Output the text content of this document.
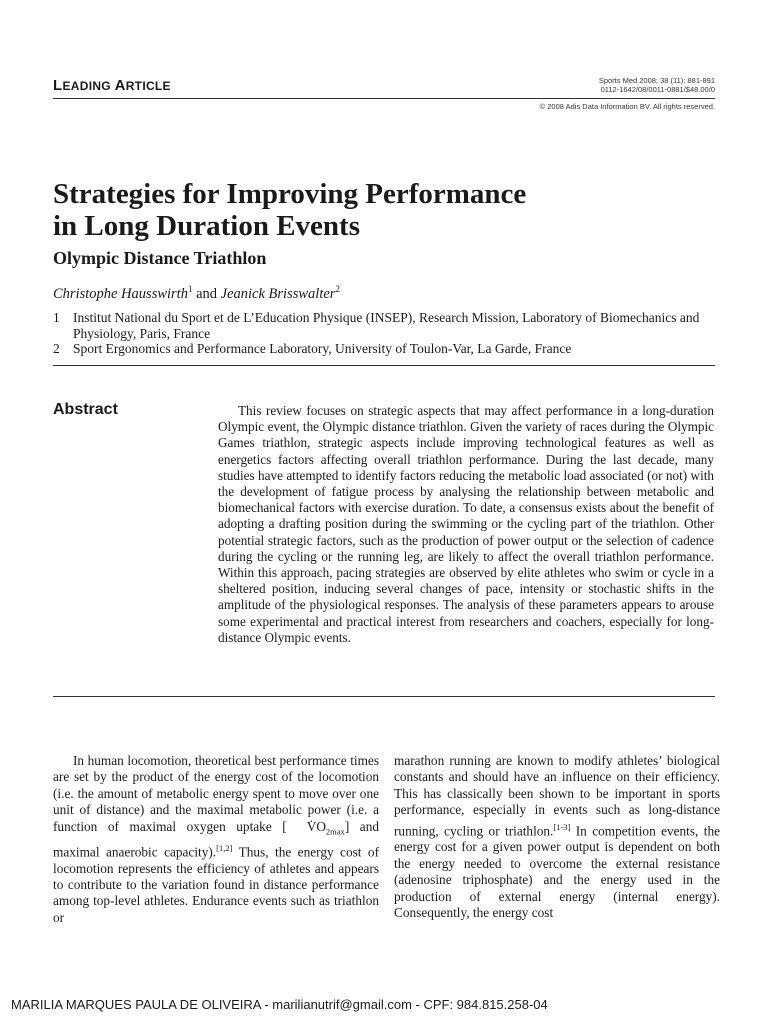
LEADING ARTICLE	Sports Med 2008; 38 (11): 881-891
0112-1642/08/0011-0881/$48.00/0
© 2008 Adis Data Information BV. All rights reserved.
Strategies for Improving Performance
in Long Duration Events
Olympic Distance Triathlon
Christophe Hausswirth$^1$ and Jeanick Brisswalter$^2$
1 Institut National du Sport et de L’Education Physique (INSEP), Research Mission, Laboratory of Biomechanics and Physiology, Paris, France
2 Sport Ergonomics and Performance Laboratory, University of Toulon-Var, La Garde, France
Abstract	This review focuses on strategic aspects that may affect performance in a long-duration Olympic event, the Olympic distance triathlon. Given the variety of races during the Olympic Games triathlon, strategic aspects include improving technological features as well as energetics factors affecting overall triathlon performance. During the last decade, many studies have attempted to identify factors reducing the metabolic load associated (or not) with the development of fatigue process by analysing the relationship between metabolic and biomechanical factors with exercise duration. To date, a consensus exists about the benefit of adopting a drafting position during the swimming or the cycling part of the triathlon. Other potential strategic factors, such as the production of power output or the selection of cadence during the cycling or the running leg, are likely to affect the overall triathlon performance. Within this approach, pacing strategies are observed by elite athletes who swim or cycle in a sheltered position, inducing several changes of pace, intensity or stochastic shifts in the amplitude of the physiological responses. The analysis of these parameters appears to arouse some experimental and practical interest from researchers and coachers, especially for long-distance Olympic events.

In human locomotion, theoretical best performance times are set by the product of the energy cost of the locomotion (i.e. the amount of metabolic energy spent to move over one unit of distance) and the maximal metabolic power (i.e. a function of maximal oxygen uptake [. $VO_{2max}$] and maximal anaerobic capacity).[1,2] Thus, the energy cost of locomotion represents the efficiency of athletes and appears to contribute to the variation found in distance performance among top-level athletes. Endurance events such as triathlon or

marathon running are known to modify athletes’ biological constants and should have an influence on their efficiency. This has classically been shown to be important in sports performance, especially in events such as long-distance running, cycling or triathlon.[1-3] In competition events, the energy cost for a given power output is dependent on both the energy needed to overcome the external resistance (adenosine triphosphate) and the energy used in the production of external energy (internal energy). Consequently, the energy cost

MARILIA MARQUES PAULA DE OLIVEIRA - marilianutrif@gmail.com - CPF: 984.815.258-04
